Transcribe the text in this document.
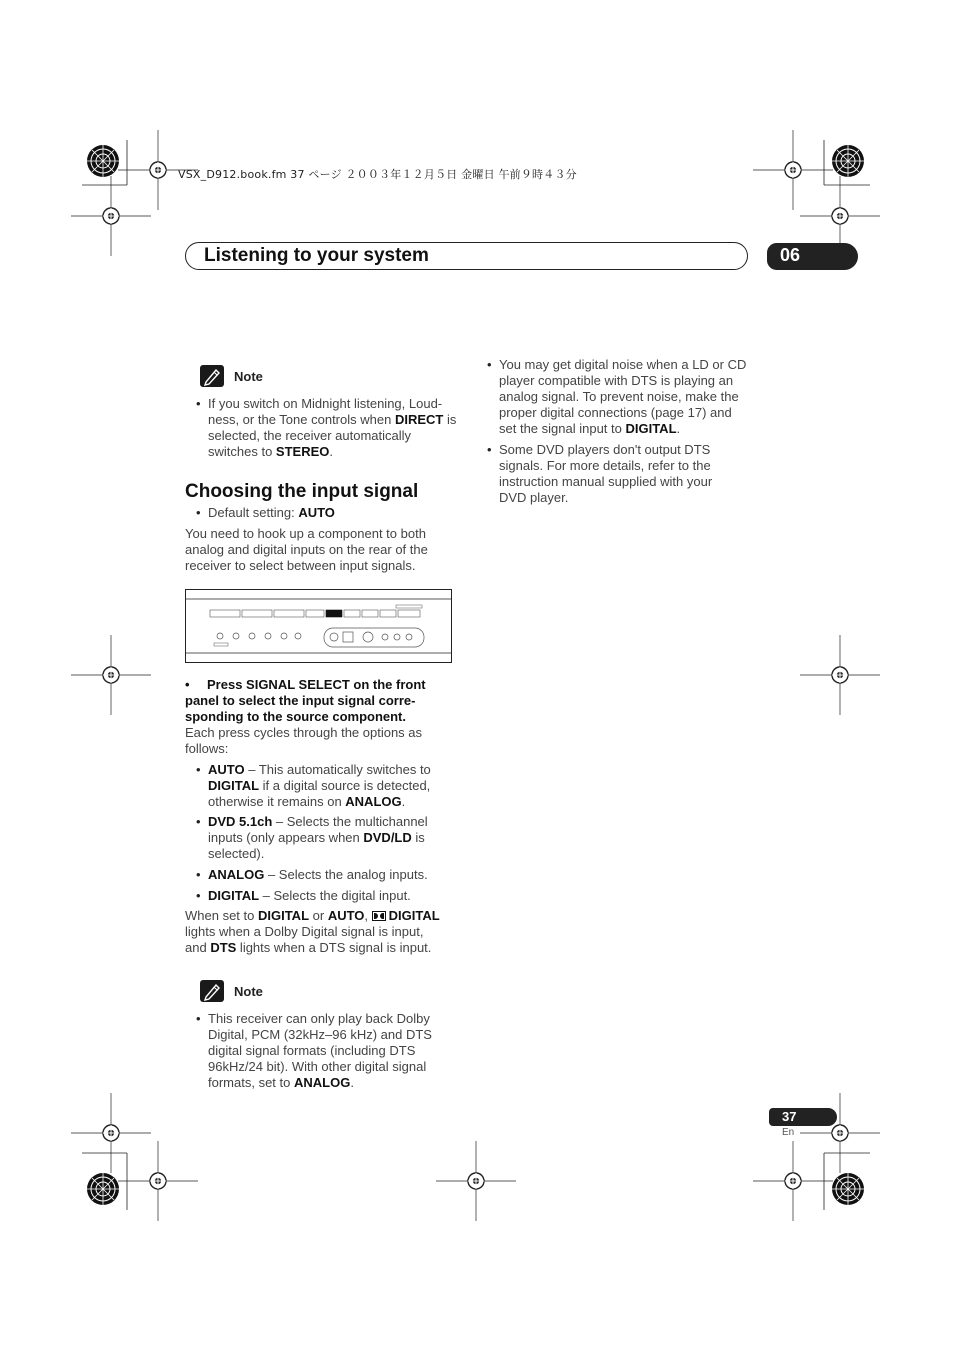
VSX_D912.book.fm 37 ページ ２００３年１２月５日 金曜日 午前９時４３分
Listening to your system	06
Note
• If you switch on Midnight listening, Loud-
ness, or the Tone controls when DIRECT is
selected, the receiver automatically
switches to STEREO.
Choosing the input signal
• Default setting: AUTO
You need to hook up a component to both
analog and digital inputs on the rear of the
receiver to select between input signals.
• Press SIGNAL SELECT on the front
panel to select the input signal corre-
sponding to the source component.
Each press cycles through the options as
follows:
• AUTO – This automatically switches to
DIGITAL if a digital source is detected,
otherwise it remains on ANALOG.
• DVD 5.1ch – Selects the multichannel
inputs (only appears when DVD/LD is
selected).
• ANALOG – Selects the analog inputs.
• DIGITAL – Selects the digital input.
When set to DIGITAL or AUTO, DIGITAL
lights when a Dolby Digital signal is input,
and DTS lights when a DTS signal is input.
Note
• This receiver can only play back Dolby
Digital, PCM (32kHz–96 kHz) and DTS
digital signal formats (including DTS
96kHz/24 bit). With other digital signal
formats, set to ANALOG.
• You may get digital noise when a LD or CD
player compatible with DTS is playing an
analog signal. To prevent noise, make the
proper digital connections (page 17) and
set the signal input to DIGITAL.
• Some DVD players don't output DTS
signals. For more details, refer to the
instruction manual supplied with your
DVD player.
37
En
